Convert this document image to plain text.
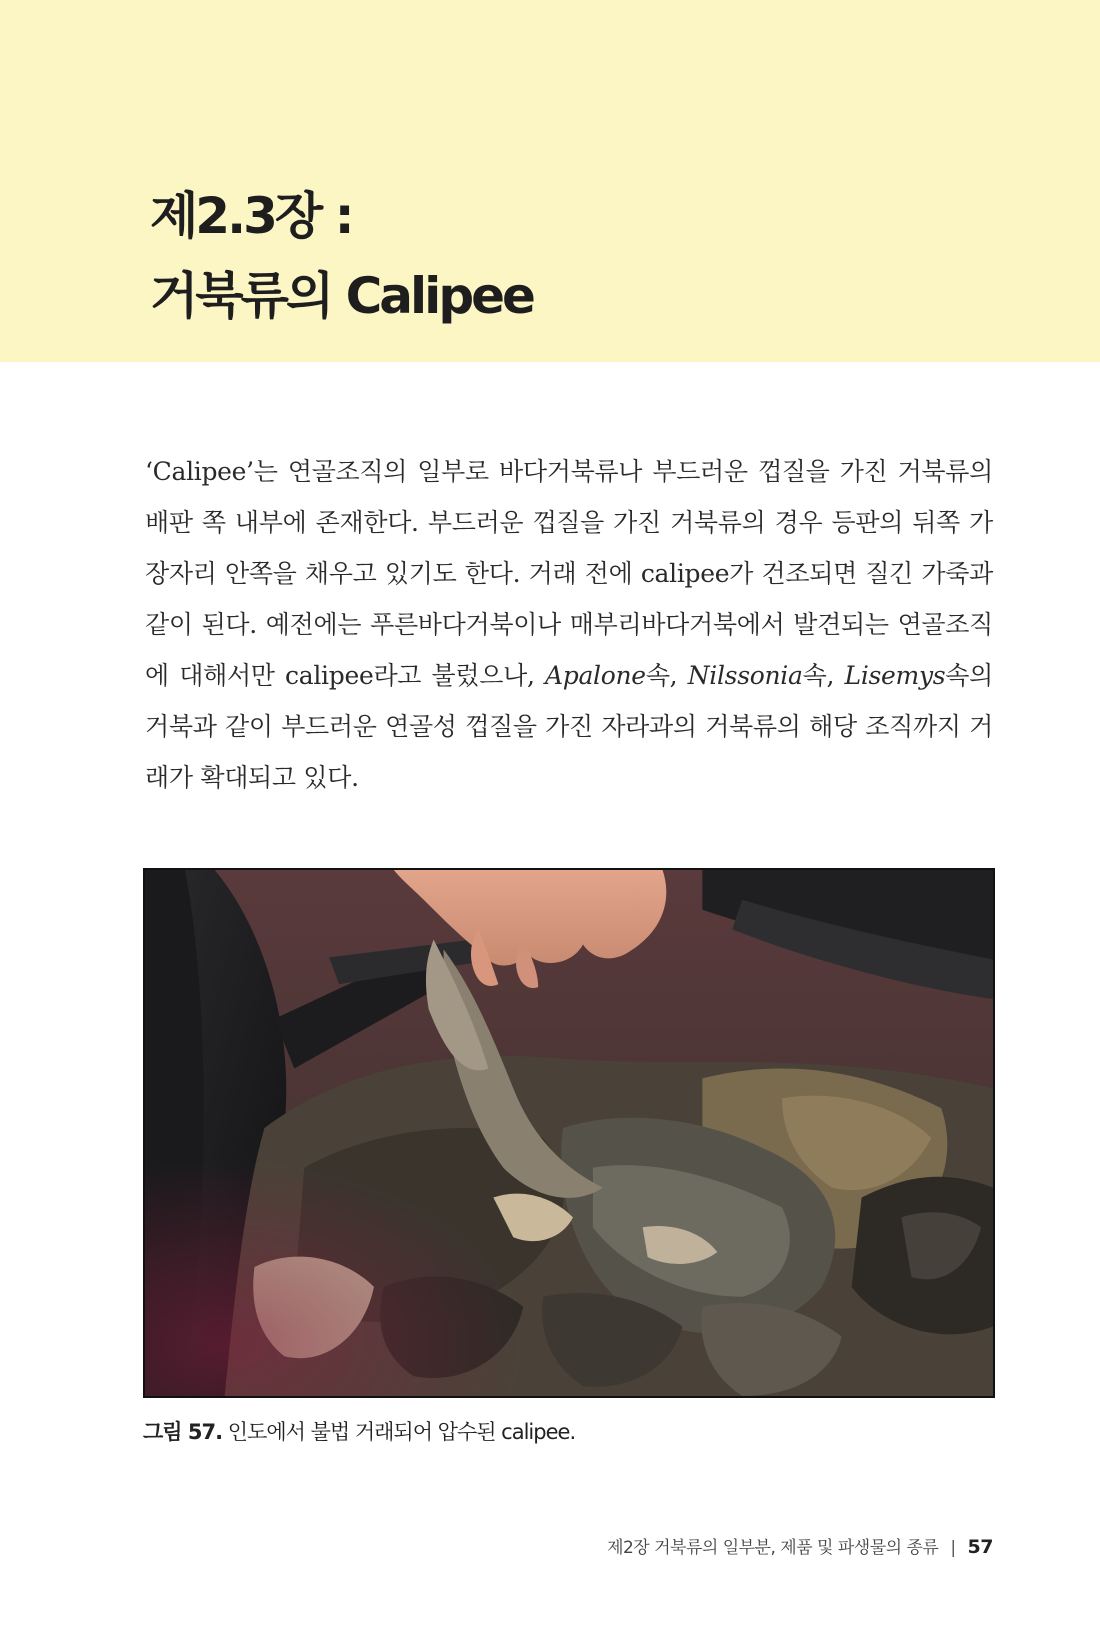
제2.3장 :
거북류의 Calipee

‘Calipee’는 연골조직의 일부로 바다거북류나 부드러운 껍질을 가진 거북류의 배판 쪽 내부에 존재한다. 부드러운 껍질을 가진 거북류의 경우 등판의 뒤쪽 가장자리 안쪽을 채우고 있기도 한다. 거래 전에 calipee가 건조되면 질긴 가죽과 같이 된다. 예전에는 푸른바다거북이나 매부리바다거북에서 발견되는 연골조직에 대해서만 calipee라고 불렀으나, Apalone속, Nilssonia속, Lisemys속의 거북과 같이 부드러운 연골성 껍질을 가진 자라과의 거북류의 해당 조직까지 거래가 확대되고 있다.

그림 57. 인도에서 불법 거래되어 압수된 calipee.

제2장 거북류의 일부분, 제품 및 파생물의 종류 | 57
